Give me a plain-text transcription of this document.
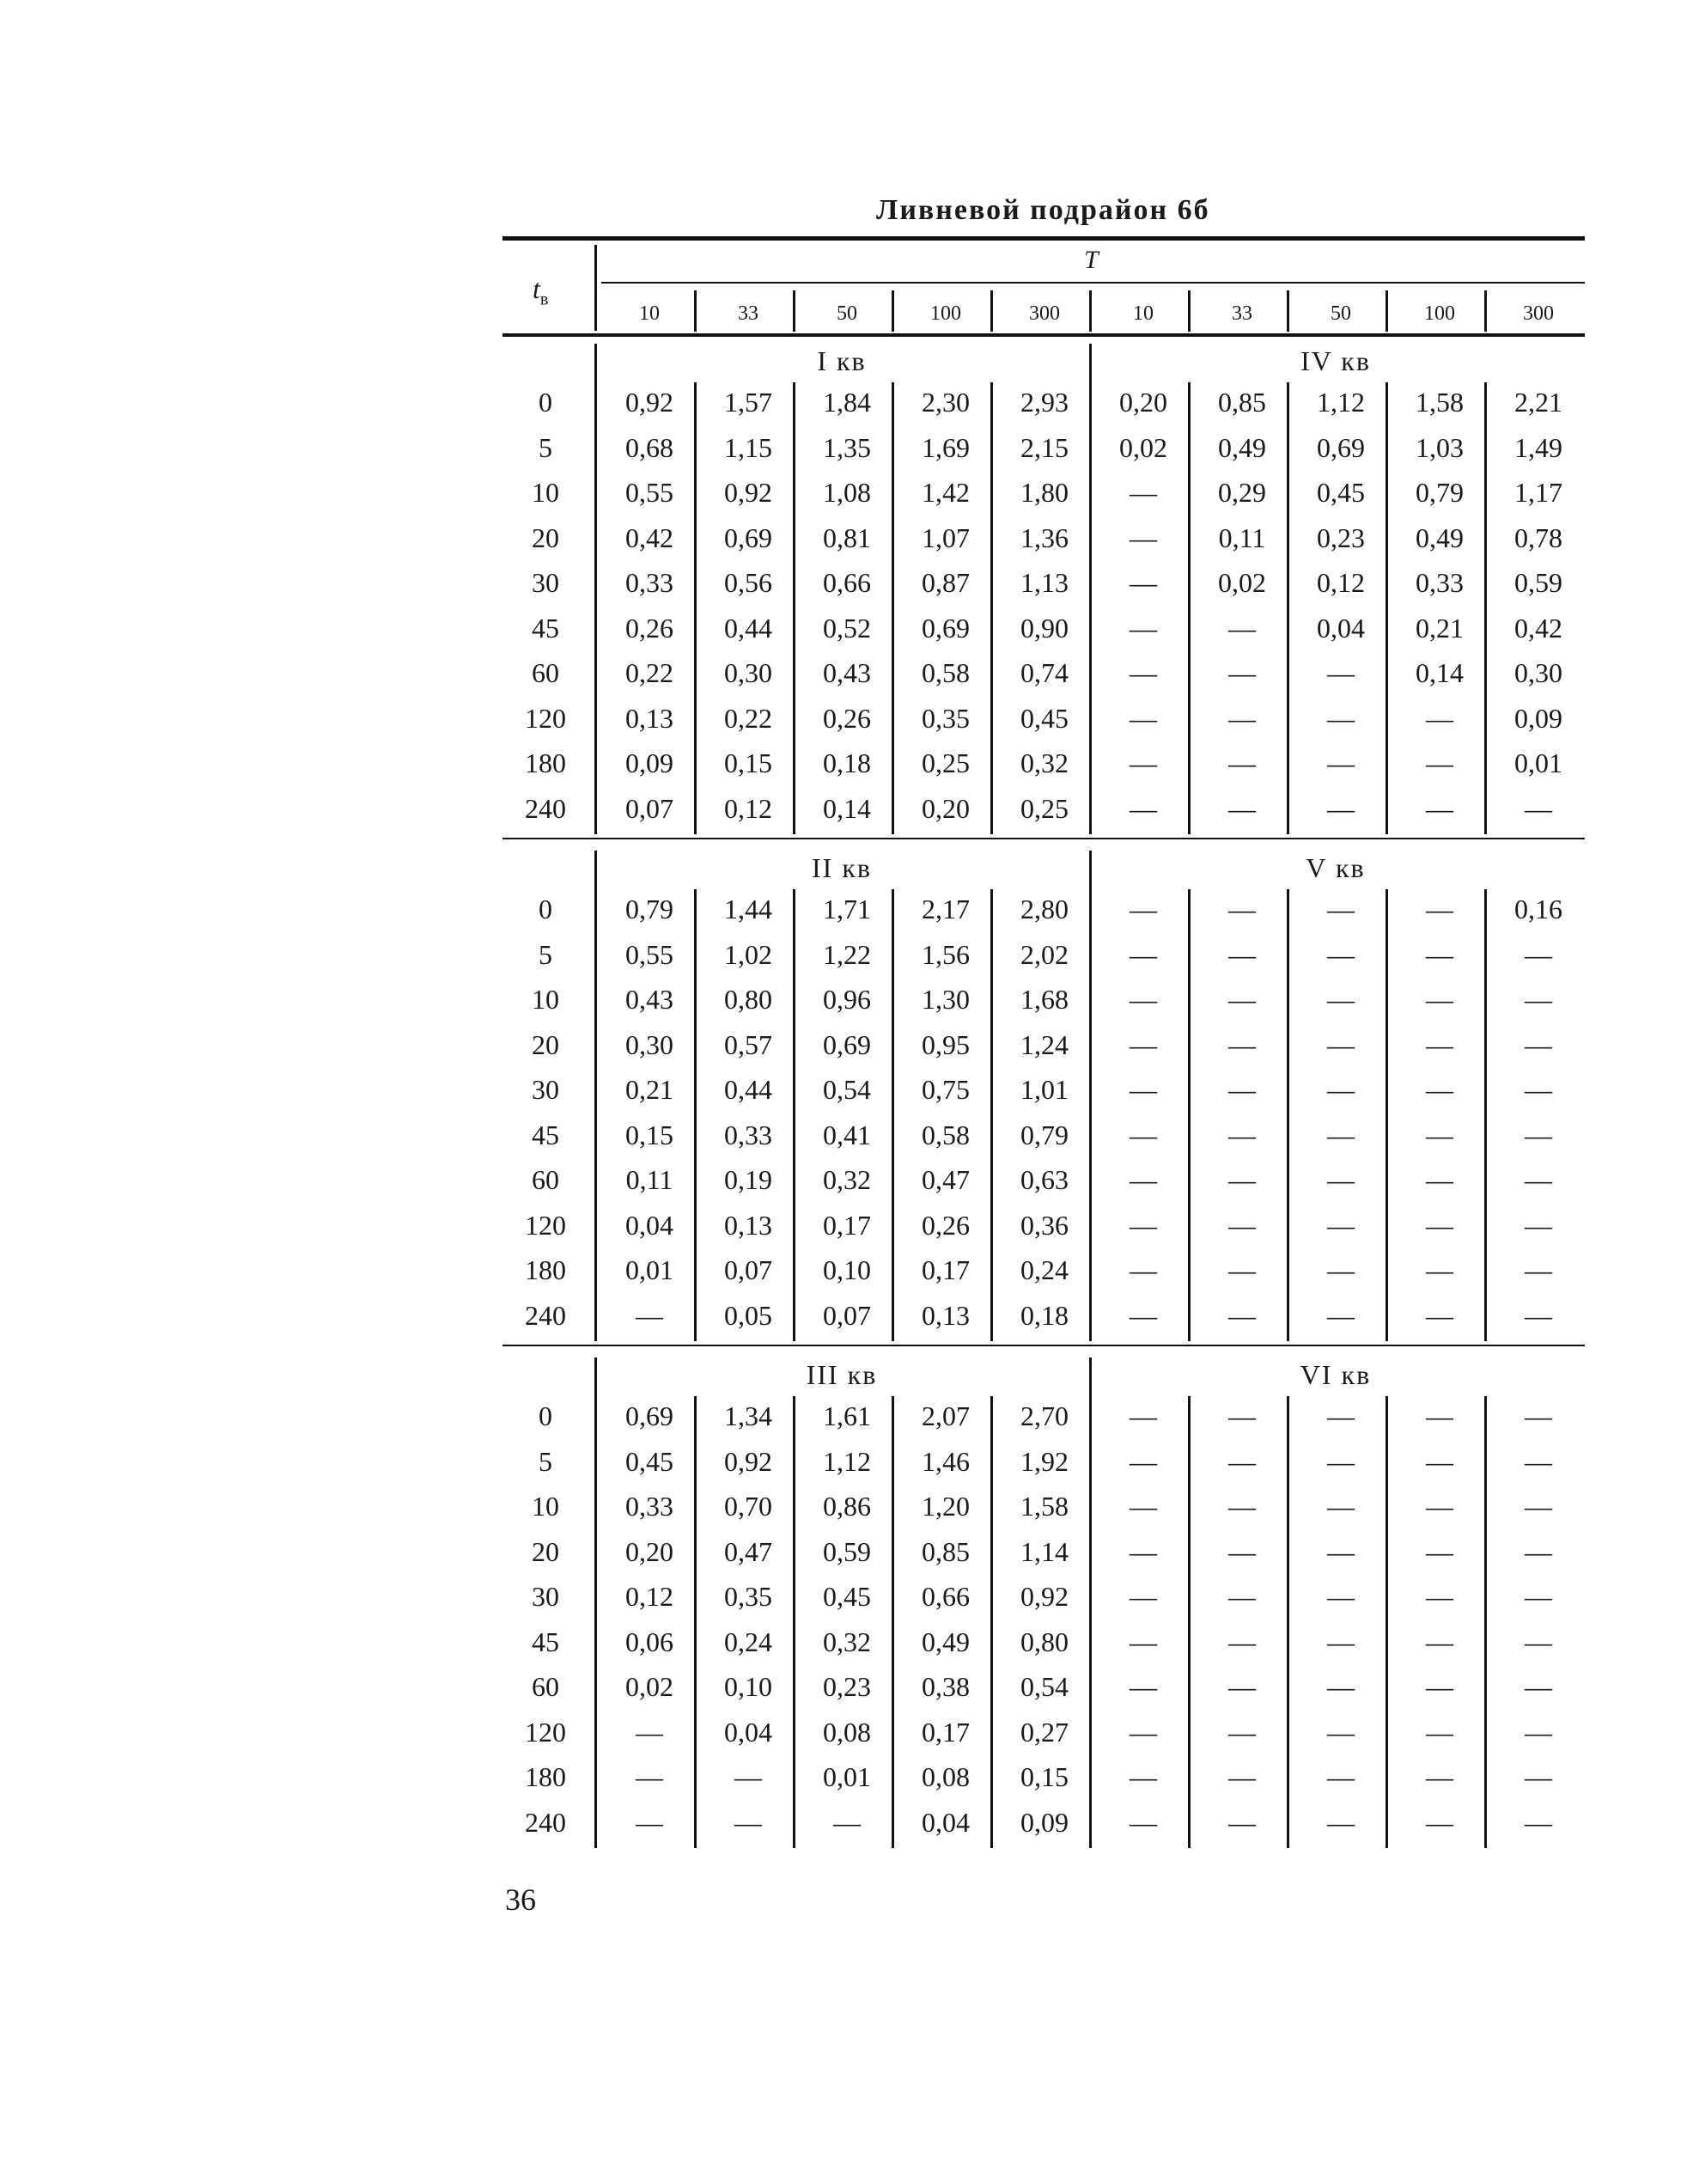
Ливневой подрайон 6б
$t_в$
T
10	33	50	100	300	10	33	50	100	300
I кв	IV кв
0	0,92	1,57	1,84	2,30	2,93	0,20	0,85	1,12	1,58	2,21
5	0,68	1,15	1,35	1,69	2,15	0,02	0,49	0,69	1,03	1,49
10	0,55	0,92	1,08	1,42	1,80	—	0,29	0,45	0,79	1,17
20	0,42	0,69	0,81	1,07	1,36	—	0,11	0,23	0,49	0,78
30	0,33	0,56	0,66	0,87	1,13	—	0,02	0,12	0,33	0,59
45	0,26	0,44	0,52	0,69	0,90	—	—	0,04	0,21	0,42
60	0,22	0,30	0,43	0,58	0,74	—	—	—	0,14	0,30
120	0,13	0,22	0,26	0,35	0,45	—	—	—	—	0,09
180	0,09	0,15	0,18	0,25	0,32	—	—	—	—	0,01
240	0,07	0,12	0,14	0,20	0,25	—	—	—	—	—
II кв	V кв
0	0,79	1,44	1,71	2,17	2,80	—	—	—	—	0,16
5	0,55	1,02	1,22	1,56	2,02	—	—	—	—	—
10	0,43	0,80	0,96	1,30	1,68	—	—	—	—	—
20	0,30	0,57	0,69	0,95	1,24	—	—	—	—	—
30	0,21	0,44	0,54	0,75	1,01	—	—	—	—	—
45	0,15	0,33	0,41	0,58	0,79	—	—	—	—	—
60	0,11	0,19	0,32	0,47	0,63	—	—	—	—	—
120	0,04	0,13	0,17	0,26	0,36	—	—	—	—	—
180	0,01	0,07	0,10	0,17	0,24	—	—	—	—	—
240	—	0,05	0,07	0,13	0,18	—	—	—	—	—
III кв	VI кв
0	0,69	1,34	1,61	2,07	2,70	—	—	—	—	—
5	0,45	0,92	1,12	1,46	1,92	—	—	—	—	—
10	0,33	0,70	0,86	1,20	1,58	—	—	—	—	—
20	0,20	0,47	0,59	0,85	1,14	—	—	—	—	—
30	0,12	0,35	0,45	0,66	0,92	—	—	—	—	—
45	0,06	0,24	0,32	0,49	0,80	—	—	—	—	—
60	0,02	0,10	0,23	0,38	0,54	—	—	—	—	—
120	—	0,04	0,08	0,17	0,27	—	—	—	—	—
180	—	—	0,01	0,08	0,15	—	—	—	—	—
240	—	—	—	0,04	0,09	—	—	—	—	—
36
